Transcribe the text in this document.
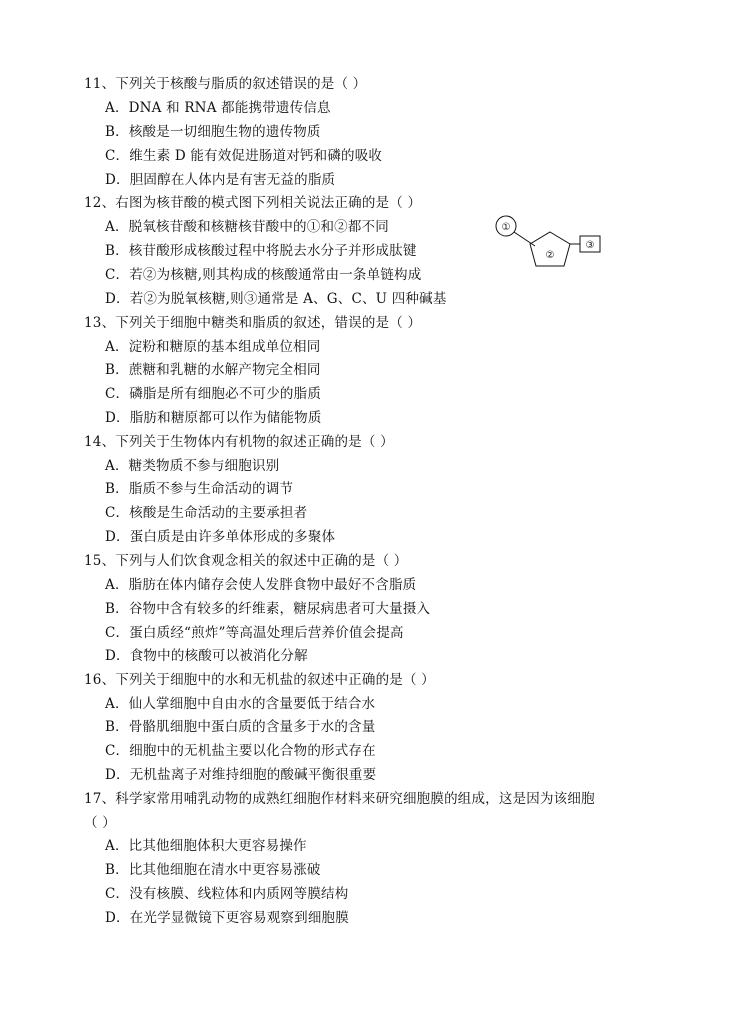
11、下列关于核酸与脂质的叙述错误的是（ ）
A．DNA 和 RNA 都能携带遗传信息
B．核酸是一切细胞生物的遗传物质
C．维生素 D 能有效促进肠道对钙和磷的吸收
D．胆固醇在人体内是有害无益的脂质
12、右图为核苷酸的模式图下列相关说法正确的是（ ）
A．脱氧核苷酸和核糖核苷酸中的①和②都不同
B．核苷酸形成核酸过程中将脱去水分子并形成肽键
C．若②为核糖,则其构成的核酸通常由一条单链构成
D．若②为脱氧核糖,则③通常是 A、G、C、U 四种碱基
①
②
③
13、下列关于细胞中糖类和脂质的叙述，错误的是（ ）
A．淀粉和糖原的基本组成单位相同
B．蔗糖和乳糖的水解产物完全相同
C．磷脂是所有细胞必不可少的脂质
D．脂肪和糖原都可以作为储能物质
14、下列关于生物体内有机物的叙述正确的是（ ）
A．糖类物质不参与细胞识别
B．脂质不参与生命活动的调节
C．核酸是生命活动的主要承担者
D．蛋白质是由许多单体形成的多聚体
15、下列与人们饮食观念相关的叙述中正确的是（ ）
A．脂肪在体内储存会使人发胖食物中最好不含脂质
B．谷物中含有较多的纤维素，糖尿病患者可大量摄入
C．蛋白质经“煎炸”等高温处理后营养价值会提高
D．食物中的核酸可以被消化分解
16、下列关于细胞中的水和无机盐的叙述中正确的是（ ）
A．仙人掌细胞中自由水的含量要低于结合水
B．骨骼肌细胞中蛋白质的含量多于水的含量
C．细胞中的无机盐主要以化合物的形式存在
D．无机盐离子对维持细胞的酸碱平衡很重要
17、科学家常用哺乳动物的成熟红细胞作材料来研究细胞膜的组成，这是因为该细胞
（ ）
A．比其他细胞体积大更容易操作
B．比其他细胞在清水中更容易涨破
C．没有核膜、线粒体和内质网等膜结构
D．在光学显微镜下更容易观察到细胞膜
